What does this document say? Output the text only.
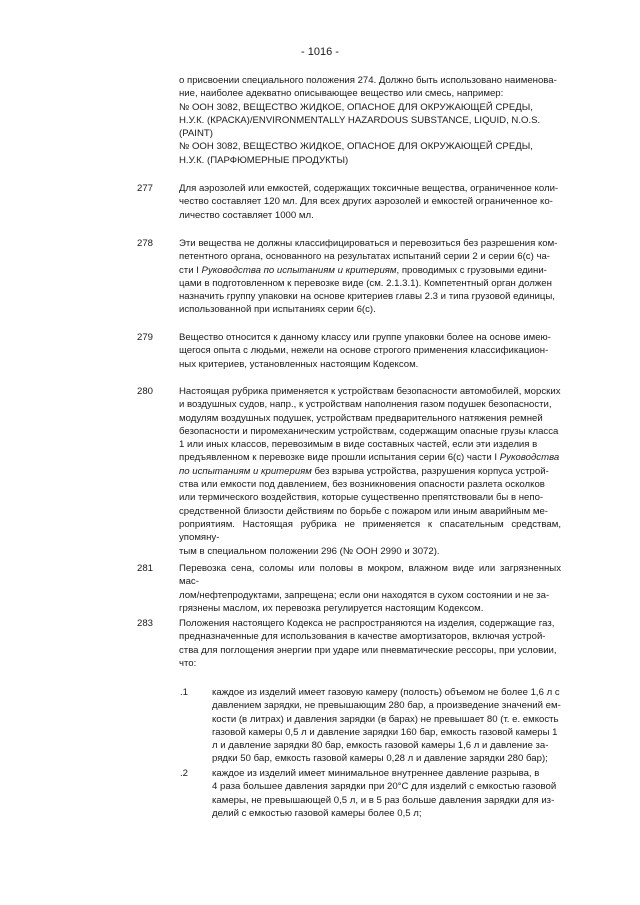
- 1016 -

о присвоении специального положения 274. Должно быть использовано наименова-

ние, наиболее адекватно описывающее вещество или смесь, например:

№ ООН 3082, ВЕЩЕСТВО ЖИДКОЕ, ОПАСНОЕ ДЛЯ ОКРУЖАЮЩЕЙ СРЕДЫ,

Н.У.К. (КРАСКА)/ENVIRONMENTALLY HAZARDOUS SUBSTANCE, LIQUID, N.O.S.

(PAINT)

№ ООН 3082, ВЕЩЕСТВО ЖИДКОЕ, ОПАСНОЕ ДЛЯ ОКРУЖАЮЩЕЙ СРЕДЫ,

Н.У.К. (ПАРФЮМЕРНЫЕ ПРОДУКТЫ)

277	Для аэрозолей или емкостей, содержащих токсичные вещества, ограниченное коли-

чество составляет 120 мл. Для всех других аэрозолей и емкостей ограниченное ко-

личество составляет 1000 мл.

278	Эти вещества не должны классифицироваться и перевозиться без разрешения ком-

петентного органа, основанного на результатах испытаний серии 2 и серии 6(с) ча-

сти I Руководства по испытаниям и критериям, проводимых с грузовыми едини-

цами в подготовленном к перевозке виде (см. 2.1.3.1). Компетентный орган должен

назначить группу упаковки на основе критериев главы 2.3 и типа грузовой единицы,

использованной при испытаниях серии 6(с).

279	Вещество относится к данному классу или группе упаковки более на основе имею-

щегося опыта с людьми, нежели на основе строгого применения классификацион-

ных критериев, установленных настоящим Кодексом.

280	Настоящая рубрика применяется к устройствам безопасности автомобилей, морских

и воздушных судов, напр., к устройствам наполнения газом подушек безопасности,

модулям воздушных подушек, устройствам предварительного натяжения ремней

безопасности и пиромеханическим устройствам, содержащим опасные грузы класса

1 или иных классов, перевозимым в виде составных частей, если эти изделия в

предъявленном к перевозке виде прошли испытания серии 6(с) части I Руководства

по испытаниям и критериям без взрыва устройства, разрушения корпуса устрой-

ства или емкости под давлением, без возникновения опасности разлета осколков

или термического воздействия, которые существенно препятствовали бы в непо-

средственной близости действиям по борьбе с пожаром или иным аварийным ме-

роприятиям. Настоящая рубрика не применяется к спасательным средствам, упомяну-

тым в специальном положении 296 (№ ООН 2990 и 3072).

281	Перевозка сена, соломы или половы в мокром, влажном виде или загрязненных мас-

лом/нефтепродуктами, запрещена; если они находятся в сухом состоянии и не за-

грязнены маслом, их перевозка регулируется настоящим Кодексом.

283	Положения настоящего Кодекса не распространяются на изделия, содержащие газ,

предназначенные для использования в качестве амортизаторов, включая устрой-

ства для поглощения энергии при ударе или пневматические рессоры, при условии,

что:

.1 каждое из изделий имеет газовую камеру (полость) объемом не более 1,6 л с

давлением зарядки, не превышающим 280 бар, а произведение значений ем-

кости (в литрах) и давления зарядки (в барах) не превышает 80 (т. е. емкость

газовой камеры 0,5 л и давление зарядки 160 бар, емкость газовой камеры 1

л и давление зарядки 80 бар, емкость газовой камеры 1,6 л и давление за-

рядки 50 бар, емкость газовой камеры 0,28 л и давление зарядки 280 бар);

.2 каждое из изделий имеет минимальное внутреннее давление разрыва, в

4 раза большее давления зарядки при 20°C для изделий с емкостью газовой

камеры, не превышающей 0,5 л, и в 5 раз больше давления зарядки для из-

делий с емкостью газовой камеры более 0,5 л;
